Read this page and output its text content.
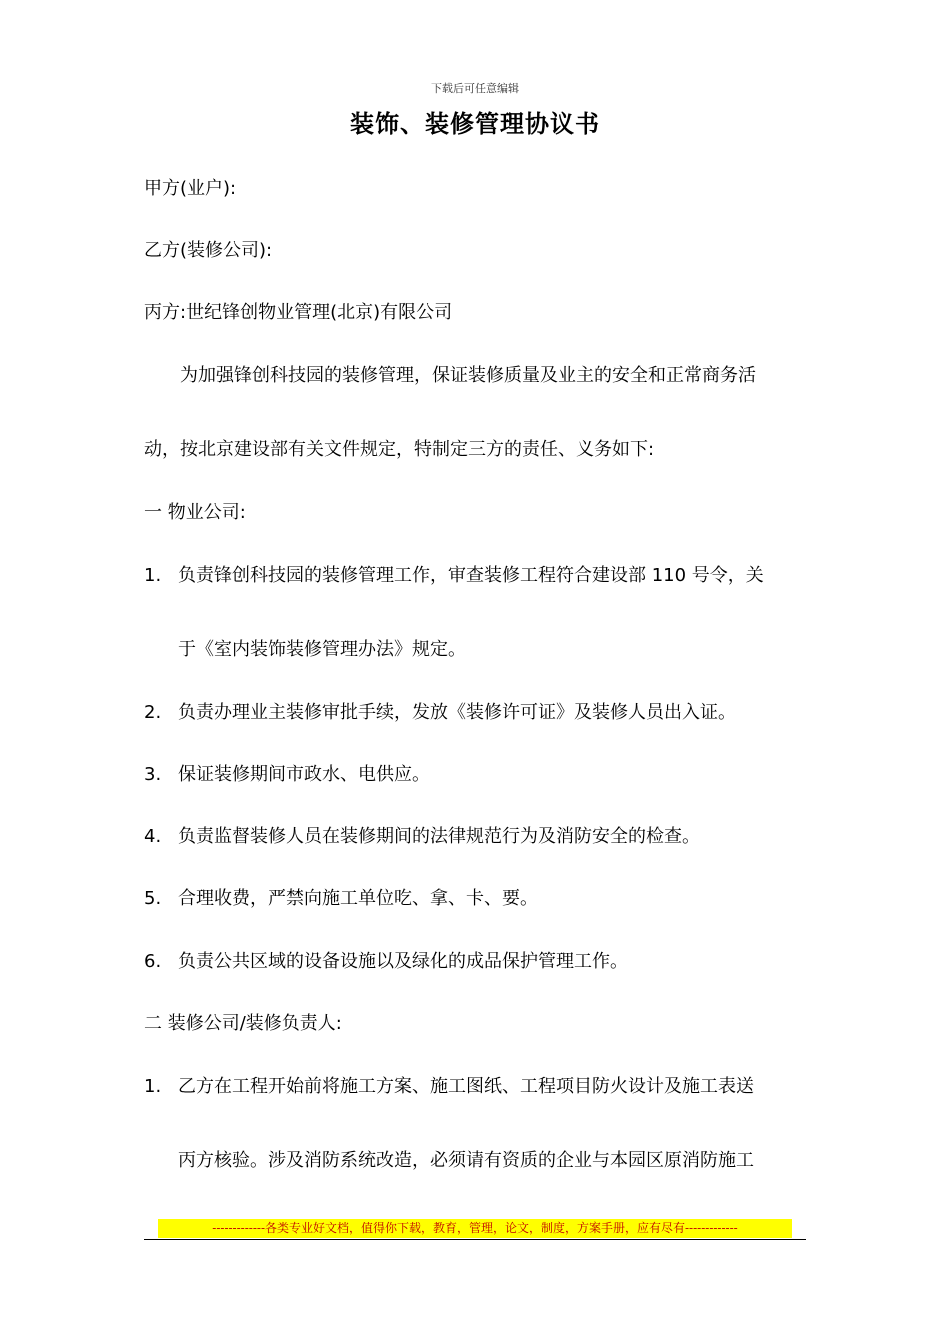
下载后可任意编辑
装饰、装修管理协议书
甲方(业户):
乙方(装修公司):
丙方:世纪锋创物业管理(北京)有限公司
为加强锋创科技园的装修管理，保证装修质量及业主的安全和正常商务活
动，按北京建设部有关文件规定，特制定三方的责任、义务如下:
一 物业公司:
1. 负责锋创科技园的装修管理工作，审查装修工程符合建设部 110 号令，关
于《室内装饰装修管理办法》规定。
2. 负责办理业主装修审批手续，发放《装修许可证》及装修人员出入证。
3. 保证装修期间市政水、电供应。
4. 负责监督装修人员在装修期间的法律规范行为及消防安全的检查。
5. 合理收费，严禁向施工单位吃、拿、卡、要。
6. 负责公共区域的设备设施以及绿化的成品保护管理工作。
二 装修公司/装修负责人:
1. 乙方在工程开始前将施工方案、施工图纸、工程项目防火设计及施工表送
丙方核验。涉及消防系统改造，必须请有资质的企业与本园区原消防施工
-------------各类专业好文档，值得你下载，教育，管理，论文，制度，方案手册，应有尽有-------------
